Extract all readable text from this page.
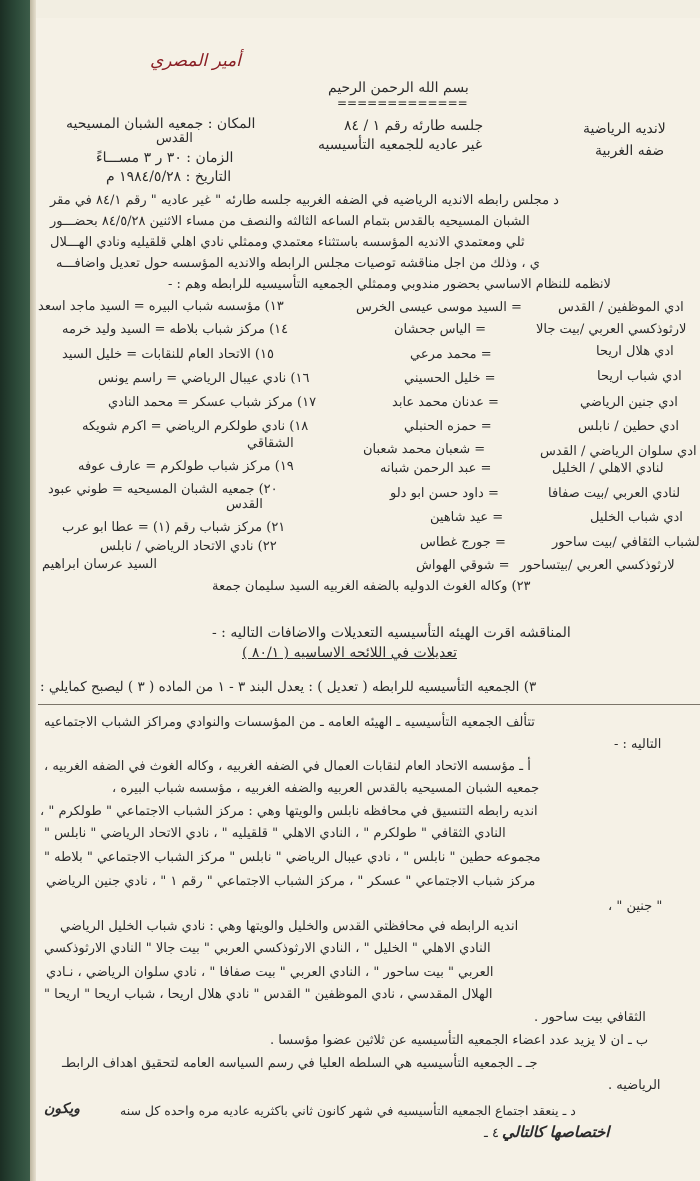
أمير المصري
بسم الله الرحمن الرحيم
=============
جلسه طارئه رقم ١ / ٨٤
غير عاديه للجمعيه التأسيسيه
لانديه الرياضية
ضفه الغربية
المكان : جمعيه الشبان المسيحيه
القدس
الزمان : ٣٠ ر ٣ مســـاءً
التاريخ : ١٩٨٤/٥/٢٨ م
د مجلس رابطه الانديه الرياضيه في الضفه الغربيه جلسه طارئه " غير عاديه " رقم ٨٤/١ في مقر
الشبان المسيحيه بالقدس بتمام الساعه الثالثه والنصف من مساء الاثنين ٨٤/٥/٢٨ بحضـــور
ثلي ومعتمدي الانديه المؤسسه باستثناء معتمدي وممثلي نادي اهلي قلقيليه ونادي الهـــلال
ي ، وذلك من اجل مناقشه توصيات مجلس الرابطه والانديه المؤسسه حول تعديل واضافـــه
لانظمه للنظام الاساسي بحضور مندوبي وممثلي الجمعيه التأسيسيه للرابطه وهم : -
ادي الموظفين / القدس
لارثوذكسي العربي /بيت جالا
ادي هلال اريحا
ادي شباب اريحا
ادي جنين الرياضي
ادي حطين / نابلس
ادي سلوان الرياضي / القدس
لنادي الاهلي / الخليل
لنادي العربي /بيت صفافا
ادي شباب الخليل
لشباب الثقافي /بيت ساحور
لارثوذكسي العربي /بيتساحور
= السيد موسى عيسى الخرس
= الياس جحشان
= محمد مرعي
= خليل الحسيني
= عدنان محمد عابد
= حمزه الحنبلي
= شعبان محمد شعبان
= عبد الرحمن شبانه
= داود حسن ابو دلو
= عيد شاهين
= جورج غطاس
= شوقي الهواش
١٣) مؤسسه شباب البيره = السيد ماجد اسعد
١٤) مركز شباب بلاطه = السيد وليد خرمه
١٥) الاتحاد العام للنقابات = خليل السيد
١٦) نادي عيبال الرياضي = راسم يونس
١٧) مركز شباب عسكر = محمد النادي
١٨) نادي طولكرم الرياضي = اكرم شويكه
الشقاقي
١٩) مركز شباب طولكرم = عارف عوفه
٢٠) جمعيه الشبان المسيحيه = طوني عبود
القدس
٢١) مركز شباب رقم (١) = عطا ابو عرب
٢٢) نادي الاتحاد الرياضي / نابلس
السيد عرسان ابراهيم
٢٣) وكاله الغوث الدوليه بالضفه الغربيه السيد سليمان جمعة
المناقشه اقرت الهيئه التأسيسيه التعديلات والاضافات التاليه : -
تعديلات في اللائحه الاساسيه ( ٨٠/١ )
٣) الجمعيه التأسيسيه للرابطه ( تعديل ) : يعدل البند ٣ - ١ من الماده ( ٣ ) ليصبح كمايلي :
تتألف الجمعيه التأسيسيه ـ الهيئه العامه ـ من المؤسسات والنوادي ومراكز الشباب الاجتماعيه
التاليه : -
أ ـ مؤسسه الاتحاد العام لنقابات العمال في الضفه الغربيه ، وكاله الغوث في الضفه الغربيه ،
جمعيه الشبان المسيحيه بالقدس العربيه والضفه الغربيه ، مؤسسه شباب البيره ،
انديه رابطه التنسيق في محافظه نابلس والويتها وهي : مركز الشباب الاجتماعي " طولكرم " ،
النادي الثقافي " طولكرم " ، النادي الاهلي " قلقيليه " ، نادي الاتحاد الرياضي " نابلس "
مجموعه حطين " نابلس " ، نادي عيبال الرياضي " نابلس " مركز الشباب الاجتماعي " بلاطه "
مركز شباب الاجتماعي " عسكر " ، مركز الشباب الاجتماعي " رقم ١ " ، نادي جنين الرياضي
" جنين " ،
انديه الرابطه في محافظتي القدس والخليل والويتها وهي : نادي شباب الخليل الرياضي
النادي الاهلي " الخليل " ، النادي الارثوذكسي العربي " بيت جالا " النادي الارثوذكسي
العربي " بيت ساحور " ، النادي العربي " بيت صفافا " ، نادي سلوان الرياضي ، نـادي
الهلال المقدسي ، نادي الموظفين " القدس " نادي هلال اريحا ، شباب اريحا " اريحا "
الثقافي بيت ساحور .
ب ـ ان لا يزيد عدد اعضاء الجمعيه التأسيسيه عن ثلاثين عضوا مؤسسا .
جـ ـ الجمعيه التأسيسيه هي السلطه العليا في رسم السياسه العامه لتحقيق اهداف الرابطـ
الرياضيه .
د ـ ينعقد اجتماع الجمعيه التأسيسيه في شهر كانون ثاني باكثريه عاديه مره واحده كل سنه
ويكون
٤ ـ اختصاصها كالتالي
